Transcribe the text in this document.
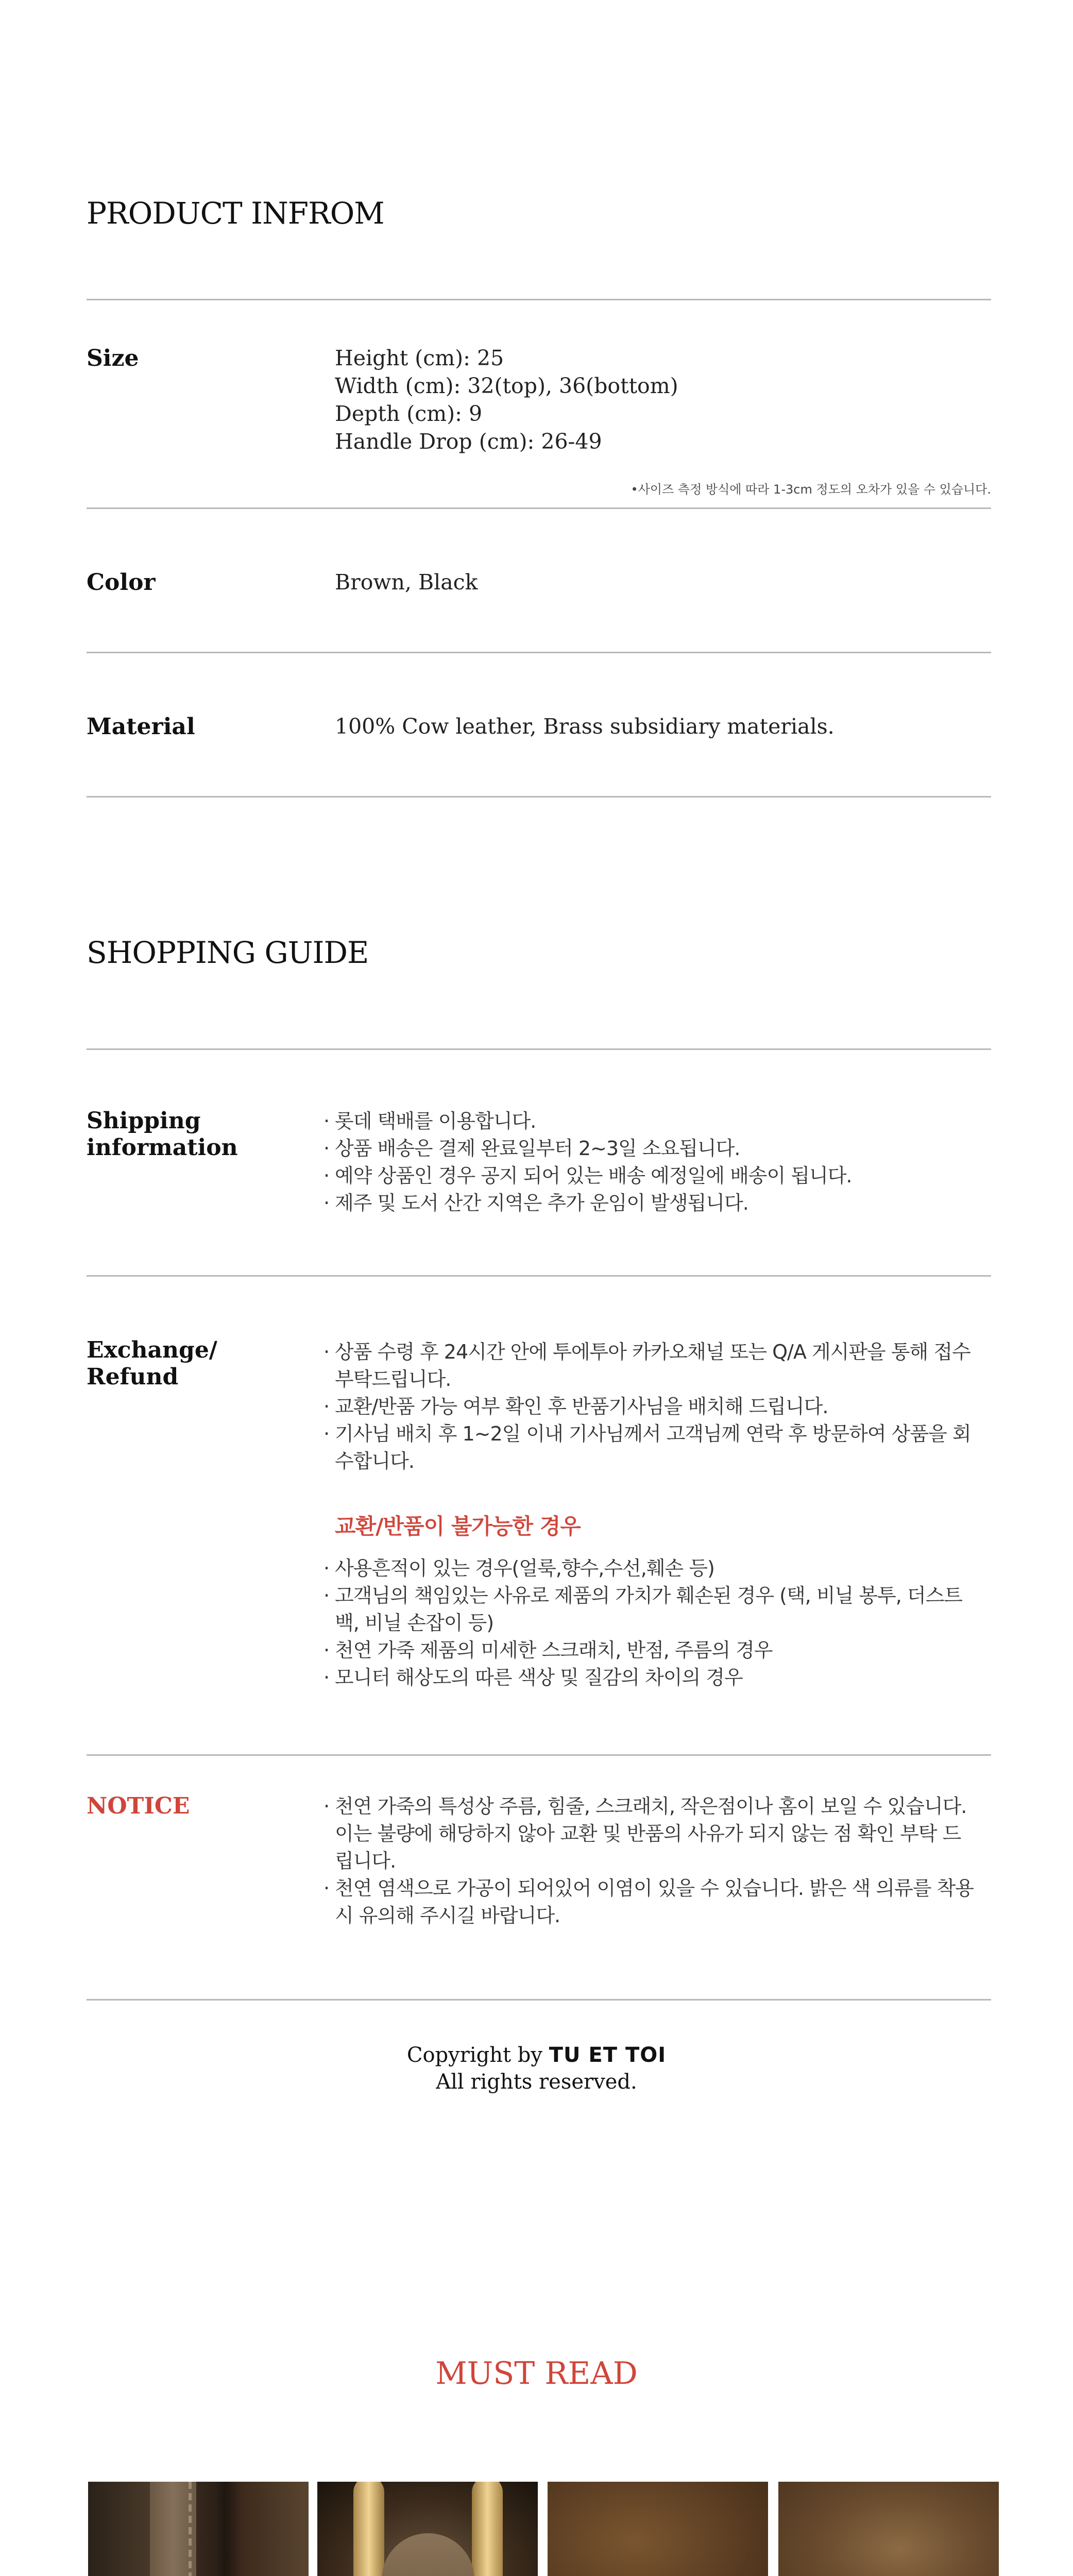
PRODUCT INFROM
Size	Height (cm): 25
Width (cm): 32(top), 36(bottom)
Depth (cm): 9
Handle Drop (cm): 26-49
•사이즈 측정 방식에 따라 1-3cm 정도의 오차가 있을 수 있습니다.
Color	Brown, Black
Material	100% Cow leather, Brass subsidiary materials.
SHOPPING GUIDE
Shipping
information
· 롯데 택배를 이용합니다.
· 상품 배송은 결제 완료일부터 2~3일 소요됩니다.
· 예약 상품인 경우 공지 되어 있는 배송 예정일에 배송이 됩니다.
· 제주 및 도서 산간 지역은 추가 운임이 발생됩니다.
Exchange/
Refund
· 상품 수령 후 24시간 안에 투에투아 카카오채널 또는 Q/A 게시판을 통해 접수 부탁드립니다.
· 교환/반품 가능 여부 확인 후 반품기사님을 배치해 드립니다.
· 기사님 배치 후 1~2일 이내 기사님께서 고객님께 연락 후 방문하여 상품을 회수합니다.
교환/반품이 불가능한 경우
· 사용흔적이 있는 경우(얼룩,향수,수선,훼손 등)
· 고객님의 책임있는 사유로 제품의 가치가 훼손된 경우 (택, 비닐 봉투, 더스트백, 비닐 손잡이 등)
· 천연 가죽 제품의 미세한 스크래치, 반점, 주름의 경우
· 모니터 해상도의 따른 색상 및 질감의 차이의 경우
NOTICE
·	천연 가죽의 특성상 주름, 힘줄, 스크래치, 작은점이나 홈이 보일 수 있습니다. 이는 불량에 해당하지 않아 교환 및 반품의 사유가 되지 않는 점 확인 부탁 드립니다.
· 천연 염색으로 가공이 되어있어 이염이 있을 수 있습니다. 밝은 색 의류를 착용 시 유의해 주시길 바랍니다.
Copyright by TU ET TOI
All rights reserved.
MUST READ
